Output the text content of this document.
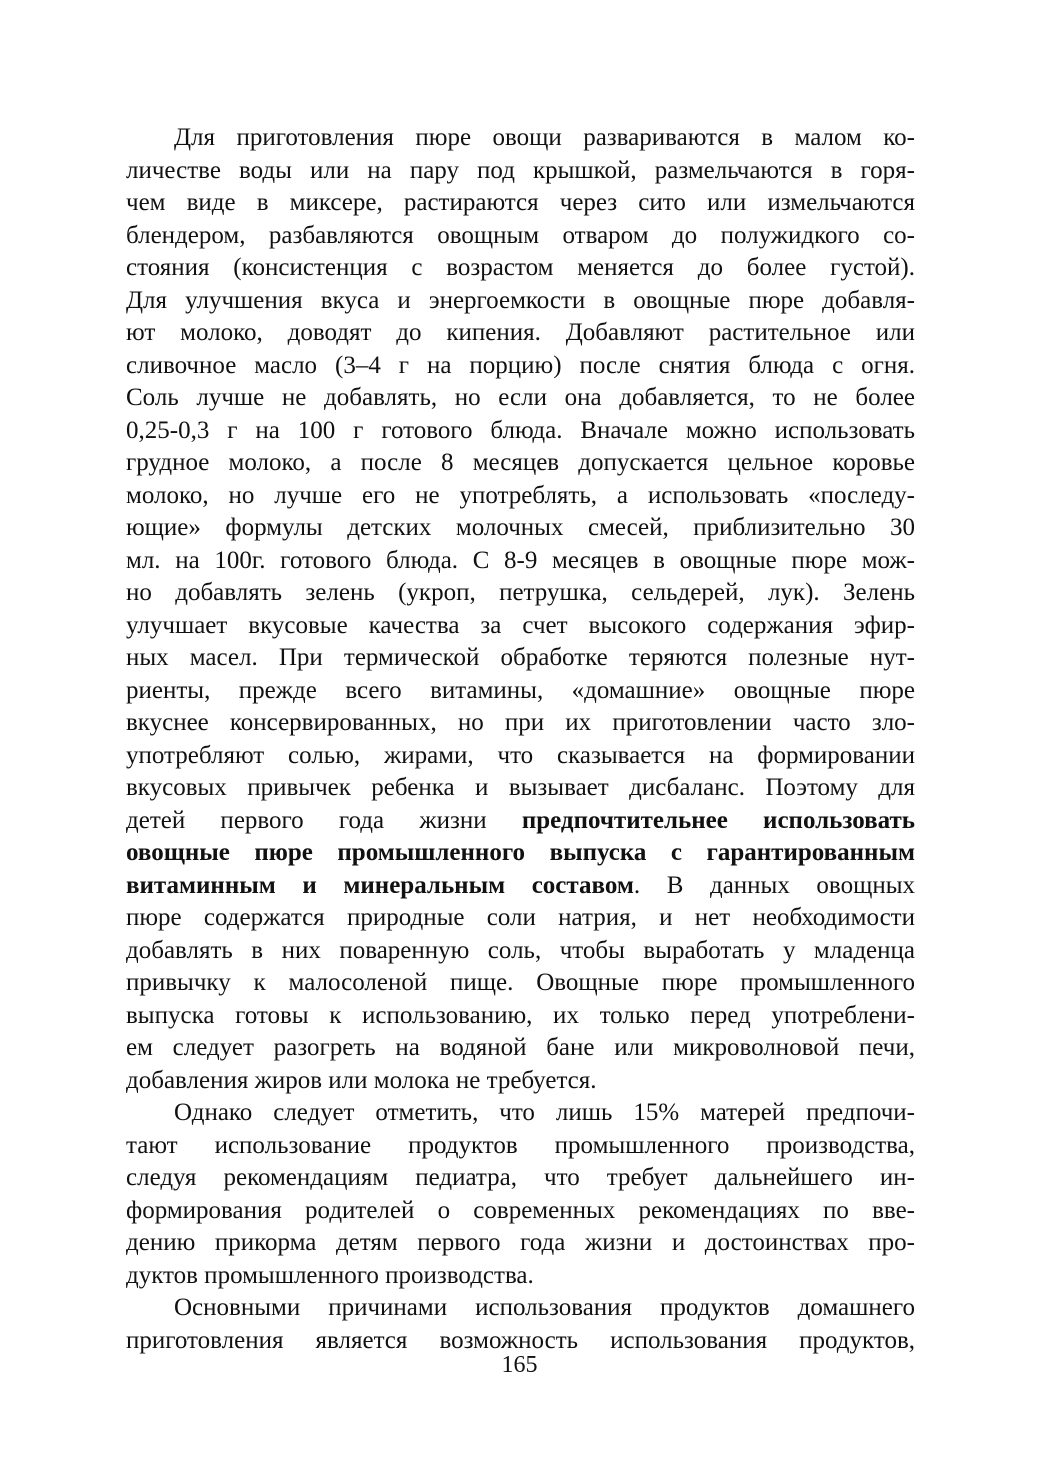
Для приготовления пюре овощи развариваются в малом ко-
личестве воды или на пару под крышкой, размельчаются в горя-
чем виде в миксере, растираются через сито или измельчаются
блендером, разбавляются овощным отваром до полужидкого со-
стояния (консистенция с возрастом меняется до более густой).
Для улучшения вкуса и энергоемкости в овощные пюре добавля-
ют молоко, доводят до кипения. Добавляют растительное или
сливочное масло (3–4 г на порцию) после снятия блюда с огня.
Соль лучше не добавлять, но если она добавляется, то не более
0,25-0,3 г на 100 г готового блюда. Вначале можно использовать
грудное молоко, а после 8 месяцев допускается цельное коровье
молоко, но лучше его не употреблять, а использовать «последу-
ющие» формулы детских молочных смесей, приблизительно 30
мл. на 100г. готового блюда. С 8-9 месяцев в овощные пюре мож-
но добавлять зелень (укроп, петрушка, сельдерей, лук). Зелень
улучшает вкусовые качества за счет высокого содержания эфир-
ных масел. При термической обработке теряются полезные нут-
риенты, прежде всего витамины, «домашние» овощные пюре
вкуснее консервированных, но при их приготовлении часто зло-
употребляют солью, жирами, что сказывается на формировании
вкусовых привычек ребенка и вызывает дисбаланс. Поэтому для
детей первого года жизни предпочтительнее использовать
овощные пюре промышленного выпуска с гарантированным
витаминным и минеральным составом. В данных овощных
пюре содержатся природные соли натрия, и нет необходимости
добавлять в них поваренную соль, чтобы выработать у младенца
привычку к малосоленой пище. Овощные пюре промышленного
выпуска готовы к использованию, их только перед употреблени-
ем следует разогреть на водяной бане или микроволновой печи,
добавления жиров или молока не требуется.
Однако следует отметить, что лишь 15% матерей предпочи-
тают использование продуктов промышленного производства,
следуя рекомендациям педиатра, что требует дальнейшего ин-
формирования родителей о современных рекомендациях по вве-
дению прикорма детям первого года жизни и достоинствах про-
дуктов промышленного производства.
Основными причинами использования продуктов домашнего
приготовления является возможность использования продуктов,
165
